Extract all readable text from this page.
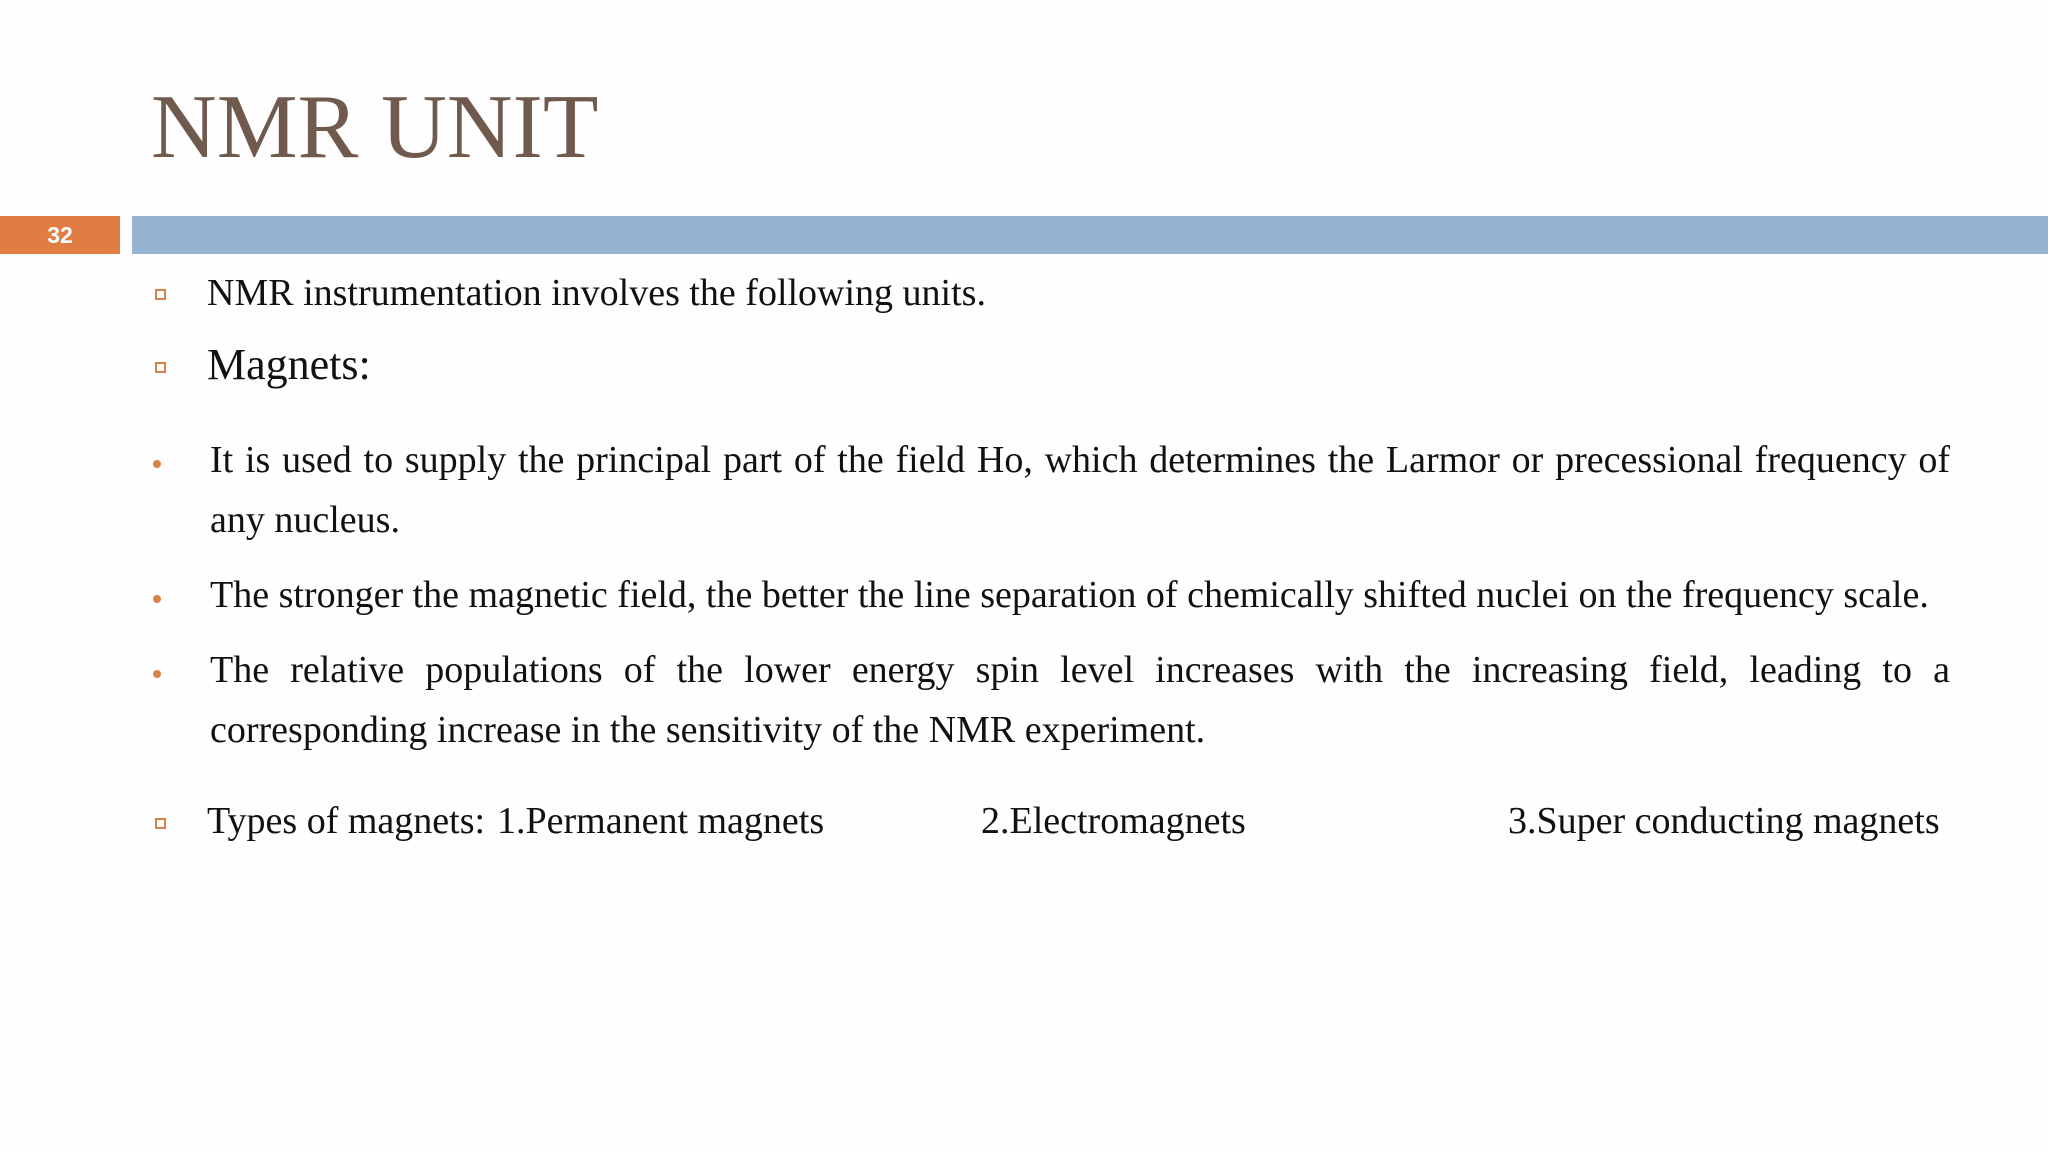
NMR UNIT
32
NMR instrumentation involves the following units.
Magnets:
It is used to supply the principal part of the field Ho, which determines the Larmor or precessional frequency of any nucleus.
The stronger the magnetic field, the better the line separation of chemically shifted nuclei on the frequency scale.
The relative populations of the lower energy spin level increases with the increasing field, leading to a corresponding increase in the sensitivity of the NMR experiment.
Types of magnets: 1.Permanent magnets	2.Electromagnets	3.Super conducting magnets
